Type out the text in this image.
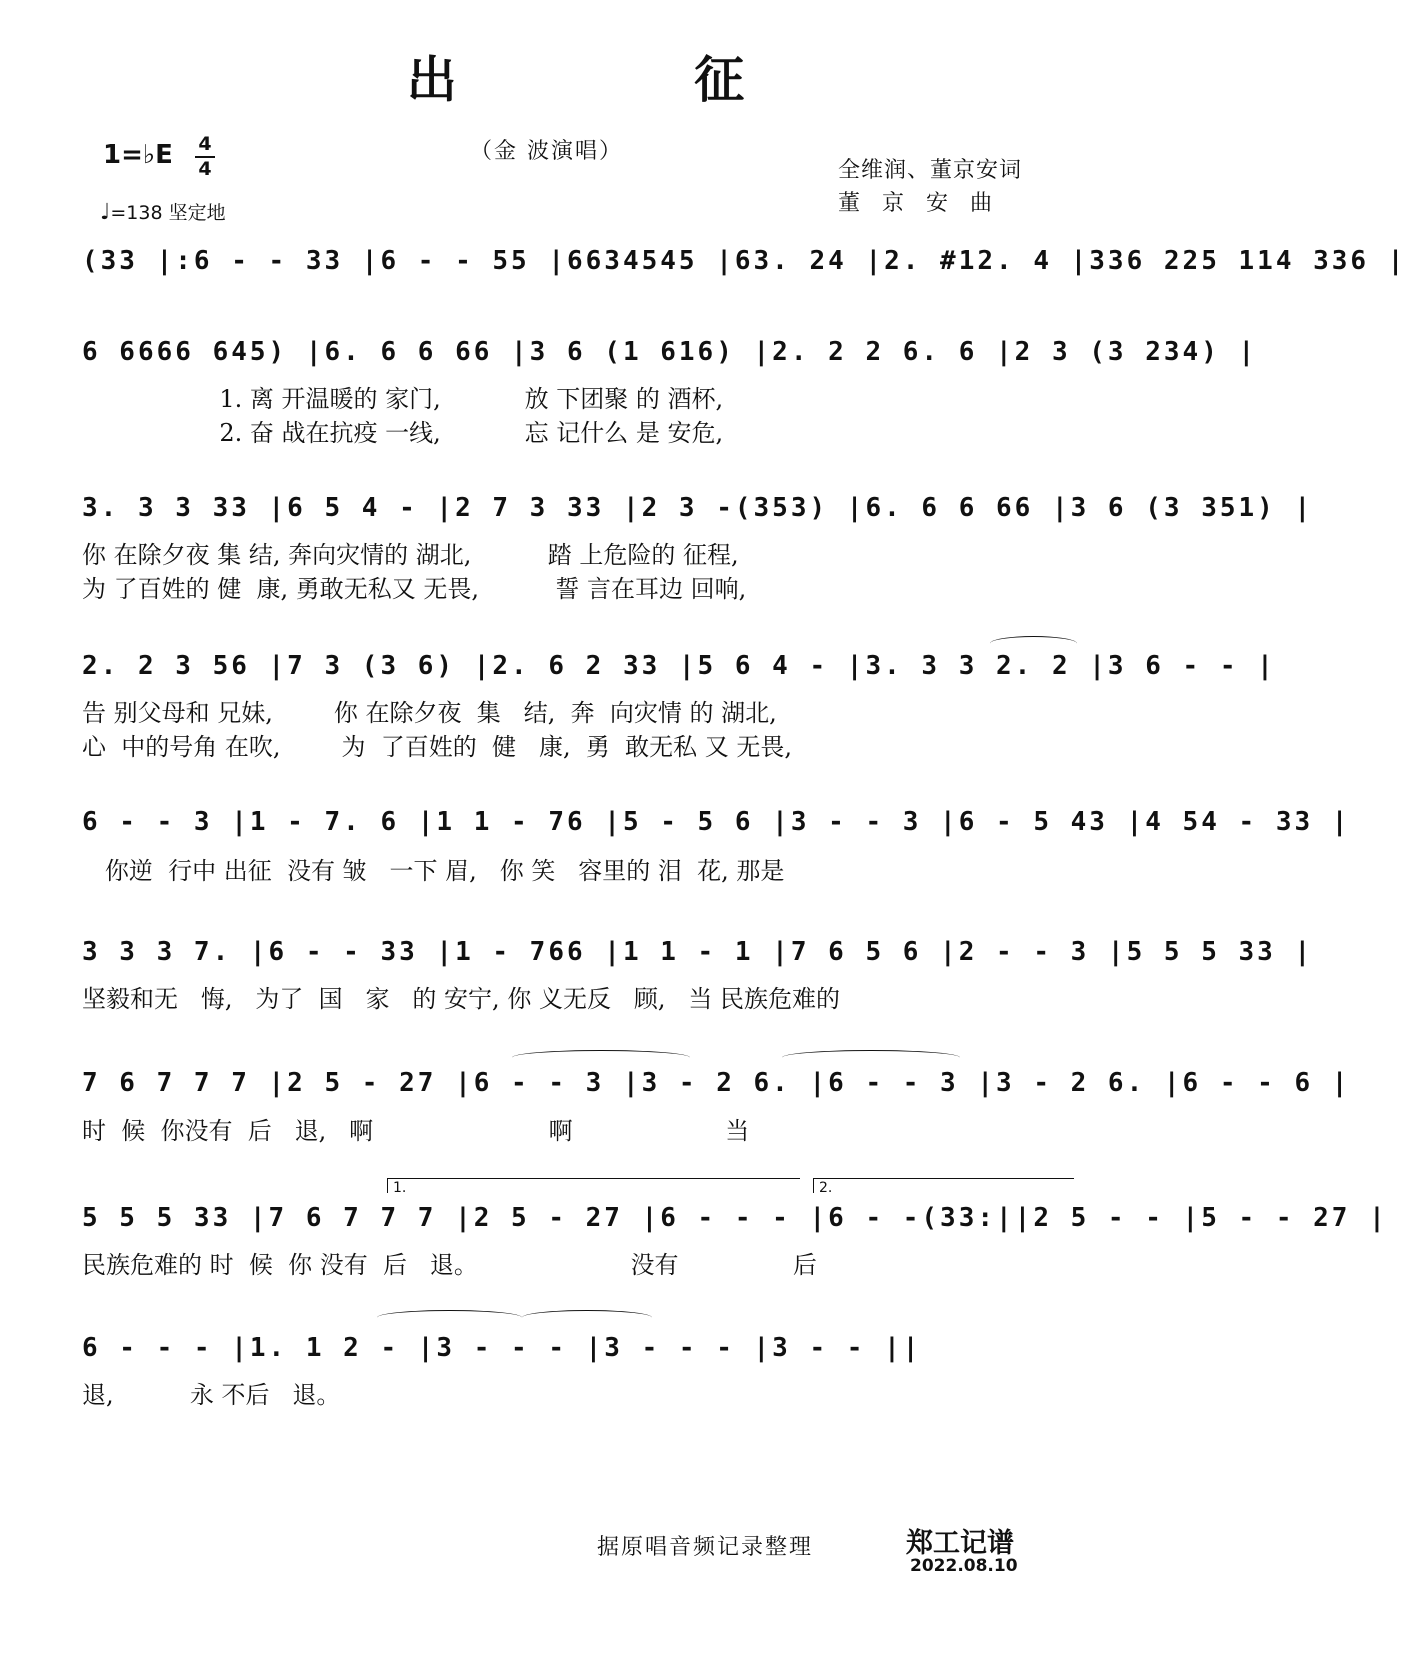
出 征
1=♭E 4
4
（金 波演唱）
♩=138 坚定地
全维润、董京安词
董京安曲
(33 |:6 - - 33 |6 - - 55 |6634545 |63. 24 |2. #12. 4 |336 225 114 336 |
6 6666 645) |6. 6 6 66 |3 6 (1 616) |2. 2 2 6. 6 |2 3 (3 234) |
1. 离 开温暖的 家门,           放 下团聚 的 酒杯,
2. 奋 战在抗疫 一线,           忘 记什么 是 安危,
3. 3 3 33 |6 5 4 - |2 7 3 33 |2 3 -(353) |6. 6 6 66 |3 6 (3 351) |
你 在除夕夜 集 结, 奔向灾情的 湖北,          踏 上危险的 征程,
为 了百姓的 健  康, 勇敢无私又 无畏,          誓 言在耳边 回响,
2. 2 3 56 |7 3 (3 6) |2. 6 2 33 |5 6 4 - |3. 3 3 2. 2 |3 6 - - |
告 别父母和 兄妹,        你 在除夕夜  集   结,  奔  向灾情 的 湖北,
心  中的号角 在吹,        为  了百姓的  健   康,  勇  敢无私 又 无畏,
6 - - 3 |1 - 7. 6 |1 1 - 76 |5 - 5 6 |3 - - 3 |6 - 5 43 |4 54 - 33 |
你逆  行中 出征  没有 皱   一下 眉,   你 笑   容里的 泪  花, 那是
3 3 3 7. |6 - - 33 |1 - 766 |1 1 - 1 |7 6 5 6 |2 - - 3 |5 5 5 33 |
坚毅和无   悔,   为了  国   家   的 安宁, 你 义无反   顾,   当 民族危难的
7 6 7 7 7 |2 5 - 27 |6 - - 3 |3 - 2 6. |6 - - 3 |3 - 2 6. |6 - - 6 |
时  候  你没有  后   退,   啊                       啊                    当
1.	2.
5 5 5 33 |7 6 7 7 7 |2 5 - 27 |6 - - - |6 - -(33:||2 5 - - |5 - - 27 |
民族危难的 时  候  你 没有  后   退。                    没有               后
6 - - - |1. 1 2 - |3 - - - |3 - - - |3 - - ||
退,          永 不后   退。
据原唱音频记录整理	郑工记谱
2022.08.10
